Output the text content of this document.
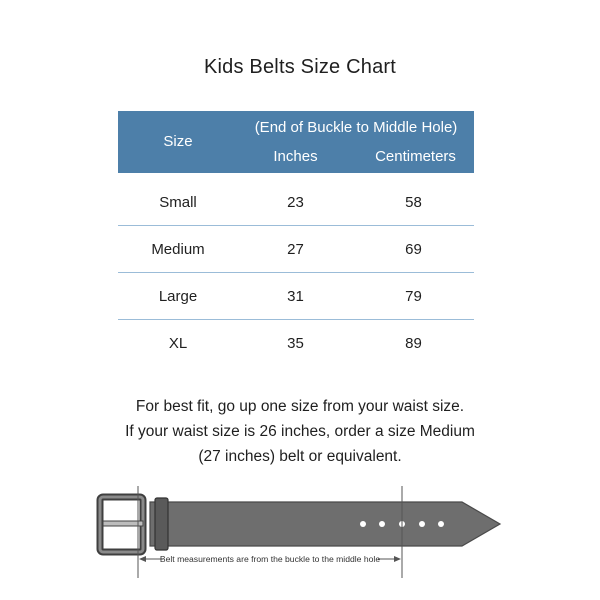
Kids Belts Size Chart
Size
(End of Buckle to Middle Hole)
Inches	Centimeters
Small	23	58
Medium	27	69
Large	31	79
XL	35	89
For best fit, go up one size from your waist size.
If your waist size is 26 inches, order a size Medium
(27 inches) belt or equivalent.
Belt measurements are from the buckle to the middle hole
